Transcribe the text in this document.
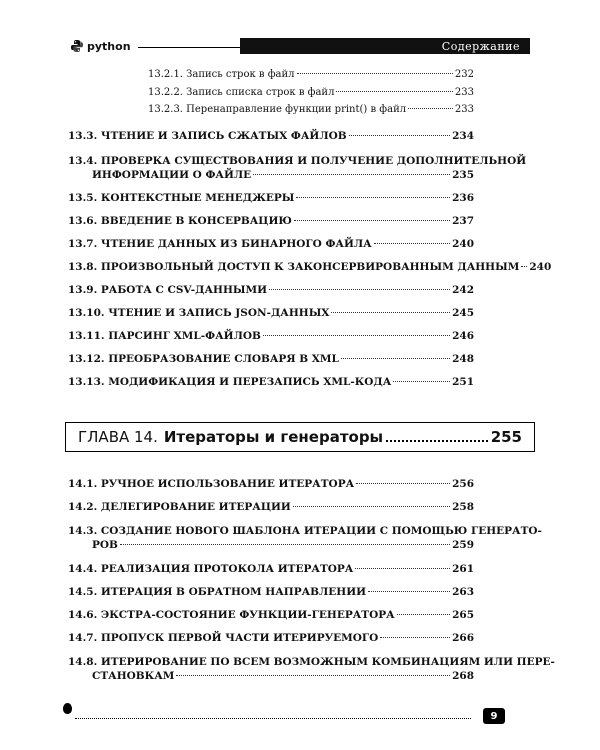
python	Содержание
13.2.1. Запись строк в файл	232
13.2.2. Запись списка строк в файл	233
13.2.3. Перенаправление функции print() в файл	233
13.3. ЧТЕНИЕ И ЗАПИСЬ СЖАТЫХ ФАЙЛОВ	234
13.4. ПРОВЕРКА СУЩЕСТВОВАНИЯ И ПОЛУЧЕНИЕ ДОПОЛНИТЕЛЬНОЙ
ИНФОРМАЦИИ О ФАЙЛЕ	235
13.5. КОНТЕКСТНЫЕ МЕНЕДЖЕРЫ	236
13.6. ВВЕДЕНИЕ В КОНСЕРВАЦИЮ	237
13.7. ЧТЕНИЕ ДАННЫХ ИЗ БИНАРНОГО ФАЙЛА	240
13.8. ПРОИЗВОЛЬНЫЙ ДОСТУП К ЗАКОНСЕРВИРОВАННЫМ ДАННЫМ 240
13.9. РАБОТА С CSV-ДАННЫМИ	242
13.10. ЧТЕНИЕ И ЗАПИСЬ JSON-ДАННЫХ	245
13.11. ПАРСИНГ XML-ФАЙЛОВ	246
13.12. ПРЕОБРАЗОВАНИЕ СЛОВАРЯ В XML	248
13.13. МОДИФИКАЦИЯ И ПЕРЕЗАПИСЬ XML-КОДА	251
ГЛАВА 14. Итераторы и генераторы	255
14.1. РУЧНОЕ ИСПОЛЬЗОВАНИЕ ИТЕРАТОРА	256
14.2. ДЕЛЕГИРОВАНИЕ ИТЕРАЦИИ	258
14.3. СОЗДАНИЕ НОВОГО ШАБЛОНА ИТЕРАЦИИ С ПОМОЩЬЮ ГЕНЕРАТО-
РОВ	259
14.4. РЕАЛИЗАЦИЯ ПРОТОКОЛА ИТЕРАТОРА	261
14.5. ИТЕРАЦИЯ В ОБРАТНОМ НАПРАВЛЕНИИ	263
14.6. ЭКСТРА-СОСТОЯНИЕ ФУНКЦИИ-ГЕНЕРАТОРА	265
14.7. ПРОПУСК ПЕРВОЙ ЧАСТИ ИТЕРИРУЕМОГО	266
14.8. ИТЕРИРОВАНИЕ ПО ВСЕМ ВОЗМОЖНЫМ КОМБИНАЦИЯМ ИЛИ ПЕРЕ-
СТАНОВКАМ	268
9
